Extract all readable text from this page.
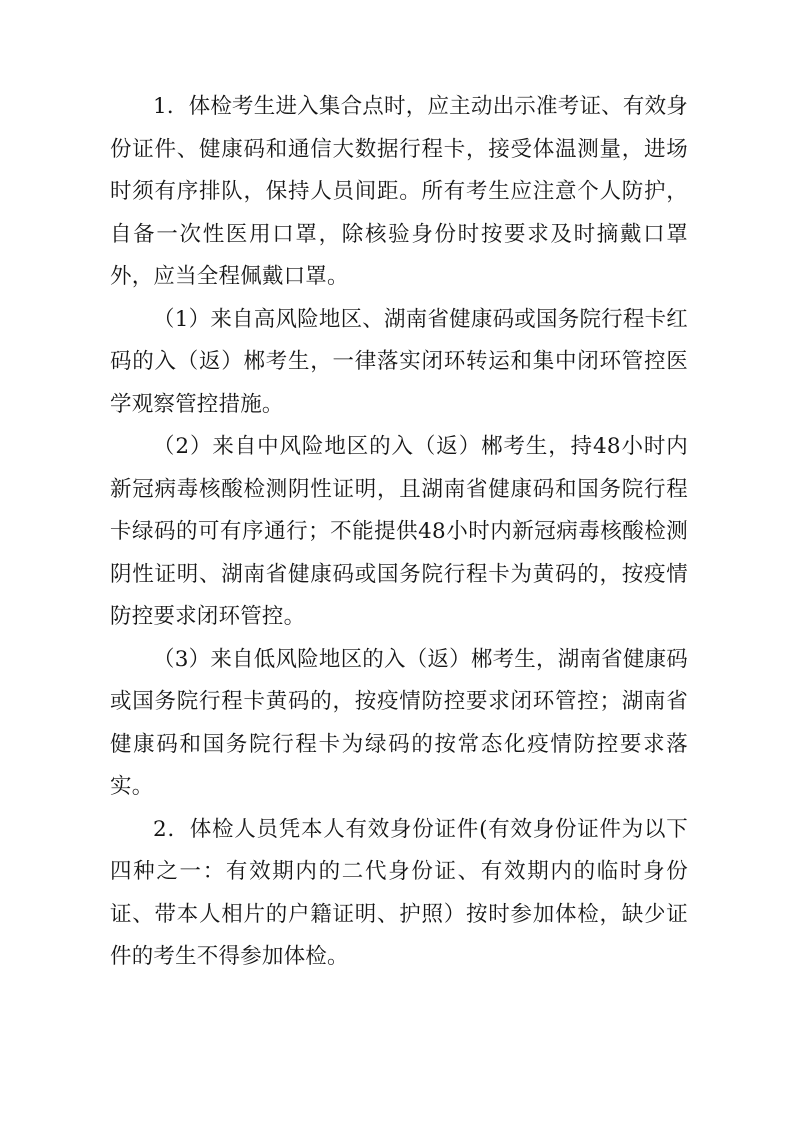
1．体检考生进入集合点时，应主动出示准考证、有效身份证件、健康码和通信大数据行程卡，接受体温测量，进场时须有序排队，保持人员间距。所有考生应注意个人防护，自备一次性医用口罩，除核验身份时按要求及时摘戴口罩外，应当全程佩戴口罩。

（1）来自高风险地区、湖南省健康码或国务院行程卡红码的入（返）郴考生，一律落实闭环转运和集中闭环管控医学观察管控措施。

（2）来自中风险地区的入（返）郴考生，持48小时内新冠病毒核酸检测阴性证明，且湖南省健康码和国务院行程卡绿码的可有序通行；不能提供48小时内新冠病毒核酸检测阴性证明、湖南省健康码或国务院行程卡为黄码的，按疫情防控要求闭环管控。

（3）来自低风险地区的入（返）郴考生，湖南省健康码或国务院行程卡黄码的，按疫情防控要求闭环管控；湖南省健康码和国务院行程卡为绿码的按常态化疫情防控要求落实。

2．体检人员凭本人有效身份证件(有效身份证件为以下四种之一：有效期内的二代身份证、有效期内的临时身份证、带本人相片的户籍证明、护照）按时参加体检，缺少证件的考生不得参加体检。
